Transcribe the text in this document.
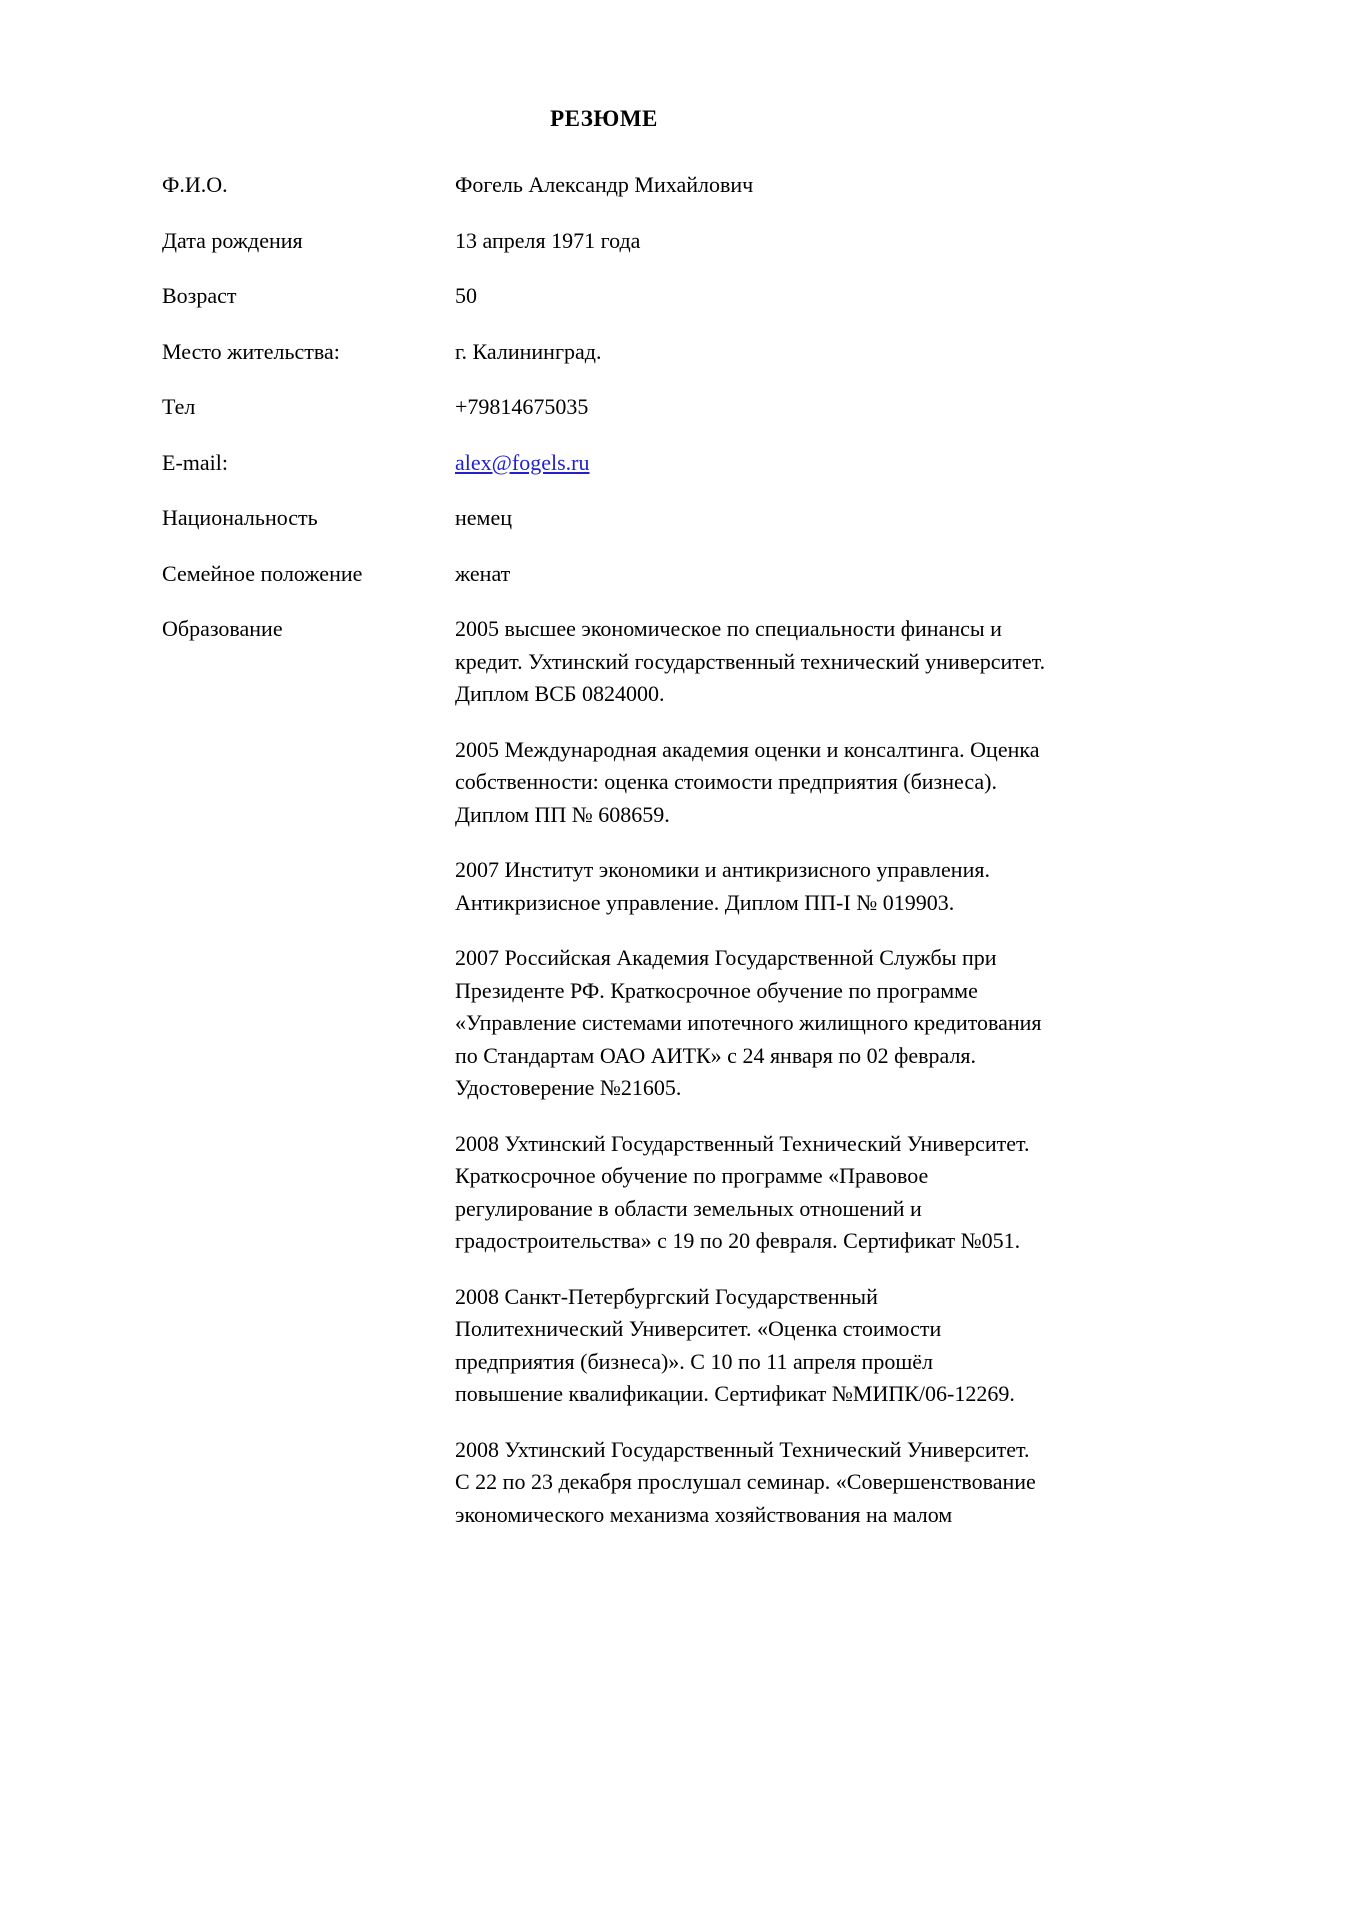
РЕЗЮМЕ
Ф.И.О.	Фогель Александр Михайлович
Дата рождения	13 апреля 1971 года
Возраст	50
Место жительства:	г. Калининград.
Тел	+79814675035
E-mail:	alex@fogels.ru
Национальность	немец
Семейное положение	женат
Образование	2005 высшее экономическое по специальности финансы и кредит. Ухтинский государственный технический университет. Диплом ВСБ 0824000.

2005 Международная академия оценки и консалтинга. Оценка собственности: оценка стоимости предприятия (бизнеса). Диплом ПП № 608659.

2007 Институт экономики и антикризисного управления. Антикризисное управление. Диплом ПП-I № 019903.

2007 Российская Академия Государственной Службы при Президенте РФ. Краткосрочное обучение по программе «Управление системами ипотечного жилищного кредитования по Стандартам ОАО АИТК» с 24 января по 02 февраля. Удостоверение №21605.

2008 Ухтинский Государственный Технический Университет. Краткосрочное обучение по программе «Правовое регулирование в области земельных отношений и градостроительства» с 19 по 20 февраля. Сертификат №051.

2008 Санкт-Петербургский Государственный Политехнический Университет. «Оценка стоимости предприятия (бизнеса)». С 10 по 11 апреля прошёл повышение квалификации. Сертификат №МИПК/06-12269.

2008 Ухтинский Государственный Технический Университет. С 22 по 23 декабря прослушал семинар. «Совершенствование экономического механизма хозяйствования на малом
